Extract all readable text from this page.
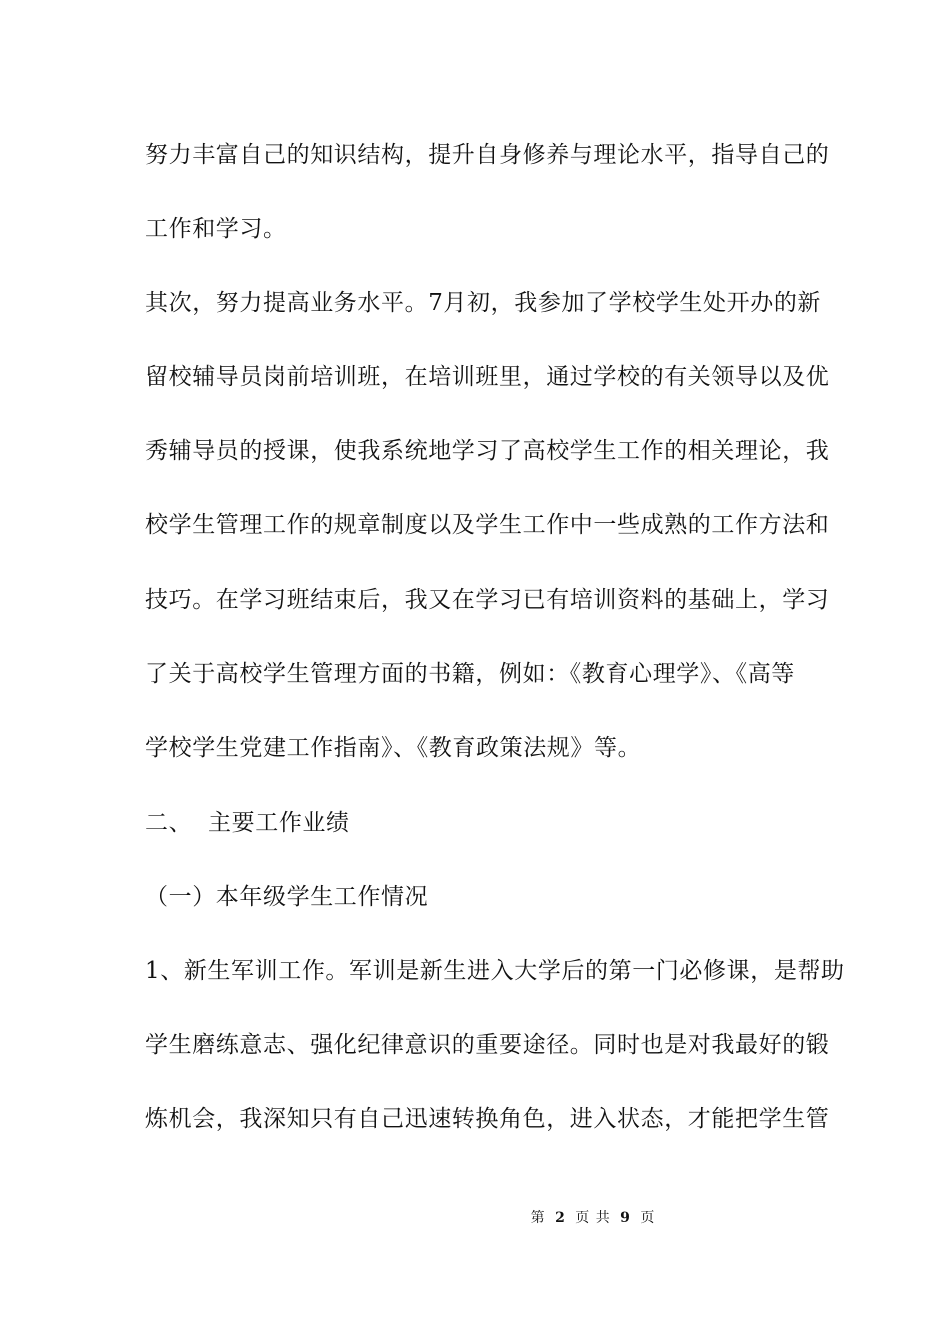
努力丰富自己的知识结构，提升自身修养与理论水平，指导自己的
工作和学习。
其次，努力提高业务水平。7月初，我参加了学校学生处开办的新
留校辅导员岗前培训班，在培训班里，通过学校的有关领导以及优
秀辅导员的授课，使我系统地学习了高校学生工作的相关理论，我
校学生管理工作的规章制度以及学生工作中一些成熟的工作方法和
技巧。在学习班结束后，我又在学习已有培训资料的基础上，学习
了关于高校学生管理方面的书籍，例如：《教育心理学》、《高等
学校学生党建工作指南》、《教育政策法规》等。
二、  主要工作业绩
（一）本年级学生工作情况
1、新生军训工作。军训是新生进入大学后的第一门必修课，是帮助
学生磨练意志、强化纪律意识的重要途径。同时也是对我最好的锻
炼机会，我深知只有自己迅速转换角色，进入状态，才能把学生管
第 2 页 共 9 页
